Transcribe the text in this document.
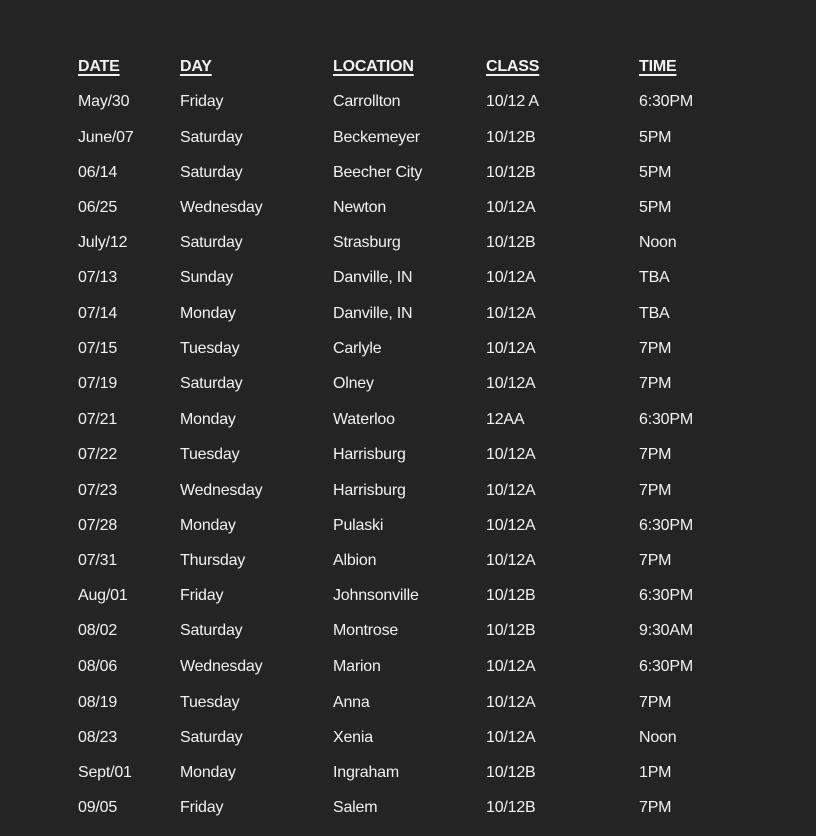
DATE	DAY	LOCATION	CLASS	TIME
May/30	Friday	Carrollton	10/12 A	6:30PM
June/07	Saturday	Beckemeyer	10/12B	5PM
06/14	Saturday	Beecher City	10/12B	5PM
06/25	Wednesday	Newton	10/12A	5PM
July/12	Saturday	Strasburg	10/12B	Noon
07/13	Sunday	Danville, IN	10/12A	TBA
07/14	Monday	Danville, IN	10/12A	TBA
07/15	Tuesday	Carlyle	10/12A	7PM
07/19	Saturday	Olney	10/12A	7PM
07/21	Monday	Waterloo	12AA	6:30PM
07/22	Tuesday	Harrisburg	10/12A	7PM
07/23	Wednesday	Harrisburg	10/12A	7PM
07/28	Monday	Pulaski	10/12A	6:30PM
07/31	Thursday	Albion	10/12A	7PM
Aug/01	Friday	Johnsonville	10/12B	6:30PM
08/02	Saturday	Montrose	10/12B	9:30AM
08/06	Wednesday	Marion	10/12A	6:30PM
08/19	Tuesday	Anna	10/12A	7PM
08/23	Saturday	Xenia	10/12A	Noon
Sept/01	Monday	Ingraham	10/12B	1PM
09/05	Friday	Salem	10/12B	7PM
